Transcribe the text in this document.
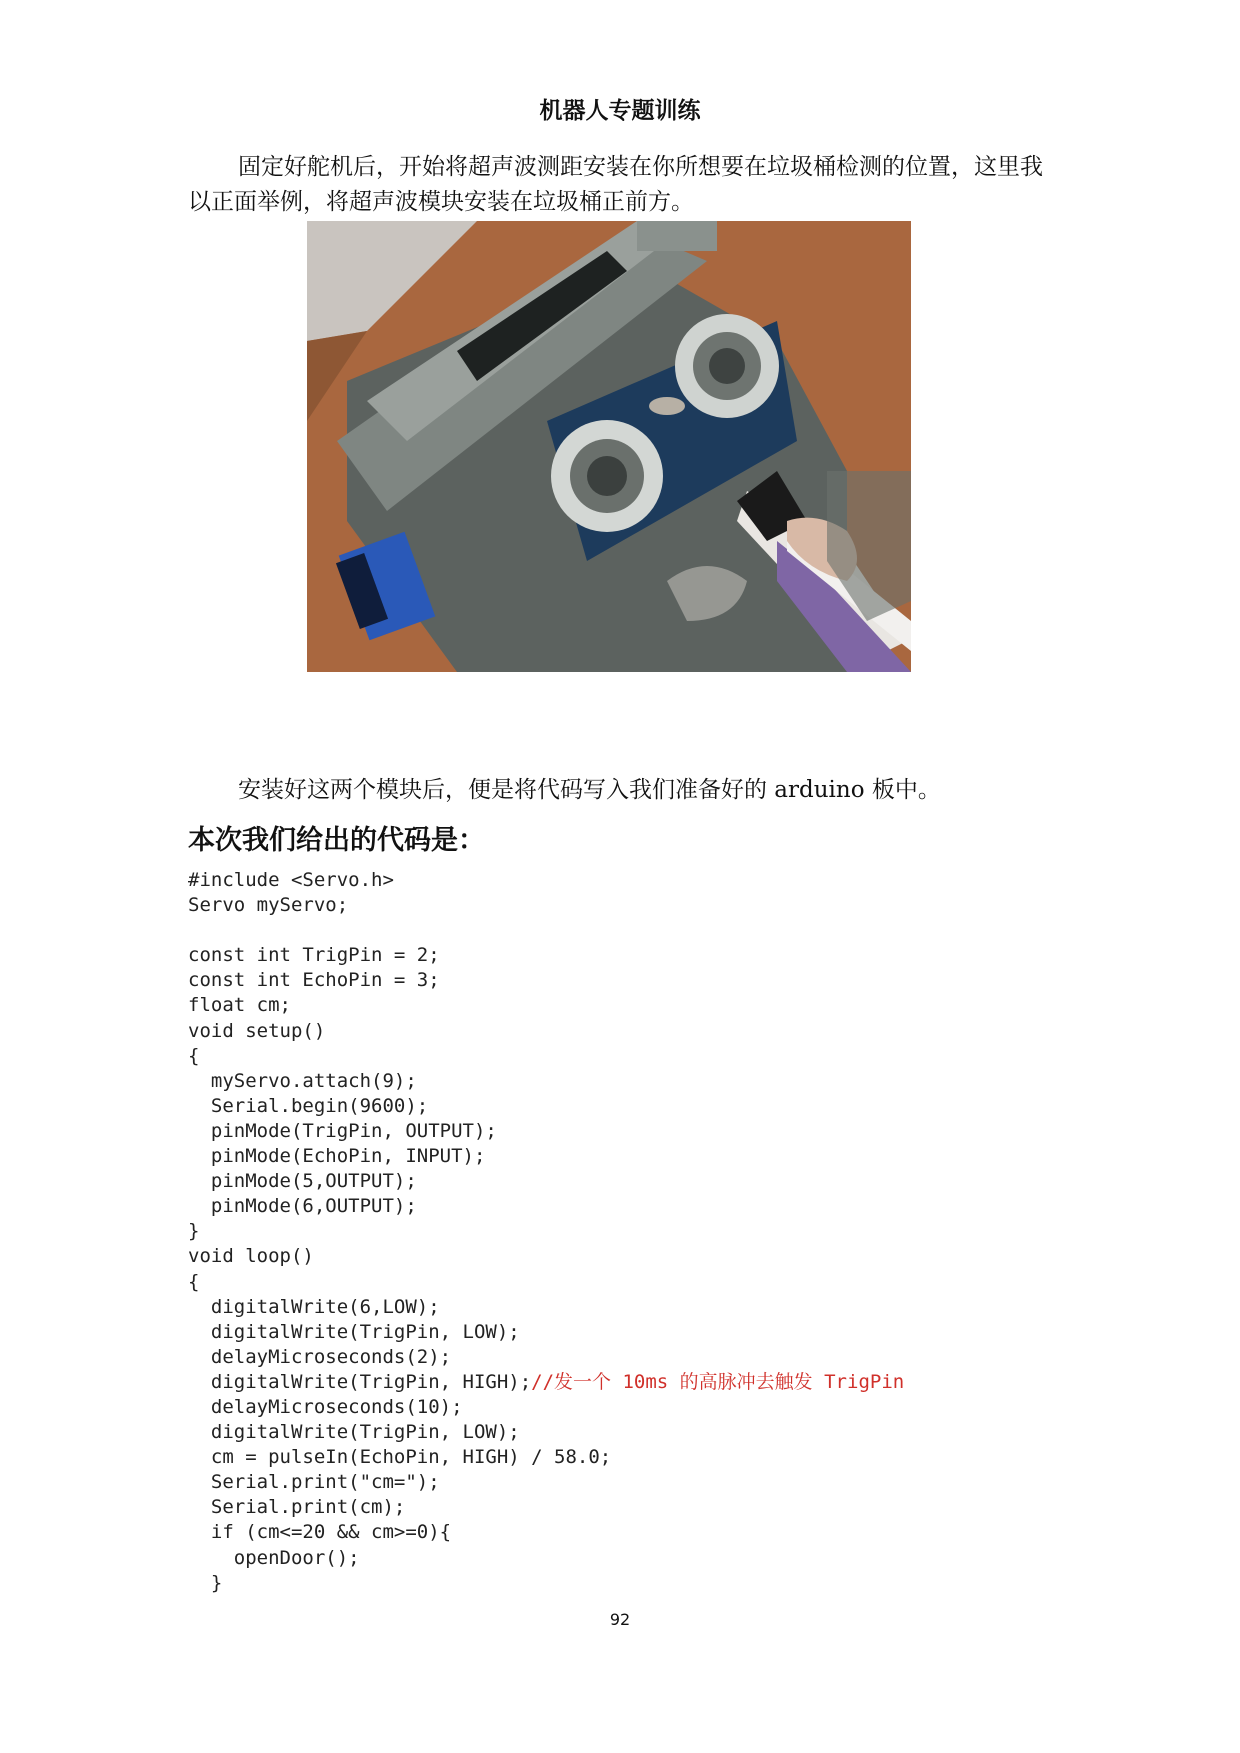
机器人专题训练

固定好舵机后，开始将超声波测距安装在你所想要在垃圾桶检测的位置，这里我以正面举例，将超声波模块安装在垃圾桶正前方。

安装好这两个模块后，便是将代码写入我们准备好的 arduino 板中。

本次我们给出的代码是：
#include <Servo.h>
Servo myServo;
const int TrigPin = 2;
const int EchoPin = 3;
float cm;
void setup()
{
myServo.attach(9);
Serial.begin(9600);
pinMode(TrigPin, OUTPUT);
pinMode(EchoPin, INPUT);
pinMode(5,OUTPUT);
pinMode(6,OUTPUT);
}
void loop()
{
digitalWrite(6,LOW);
digitalWrite(TrigPin, LOW);
delayMicroseconds(2);
digitalWrite(TrigPin, HIGH);//发一个 10ms 的高脉冲去触发 TrigPin
delayMicroseconds(10);
digitalWrite(TrigPin, LOW);
cm = pulseIn(EchoPin, HIGH) / 58.0;
Serial.print("cm=");
Serial.print(cm);
if (cm<=20 && cm>=0){
openDoor();
}
92
